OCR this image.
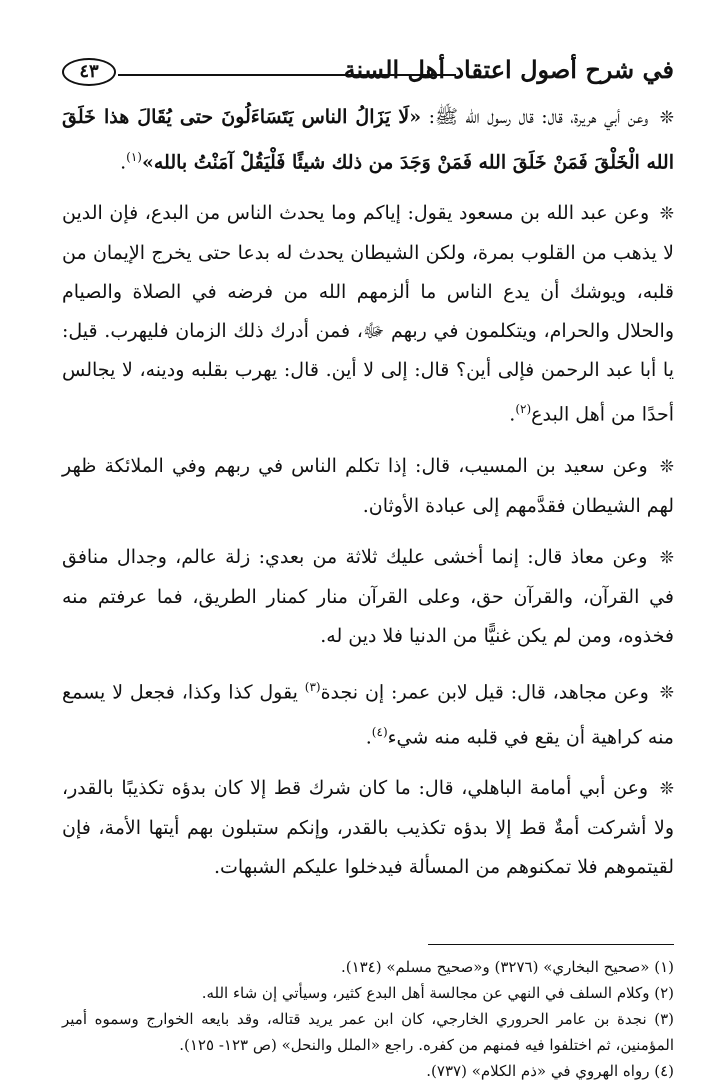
في شرح أصول اعتقاد أهل السنة
٤٣

❊ وعن أبي هريرة، قال: قال رسول الله ﷺ: «لَا يَزَالُ الناس يَتَسَاءَلُونَ حتى يُقَالَ هذا خَلَقَ الله الْخَلْقَ فَمَنْ خَلَقَ الله فَمَنْ وَجَدَ من ذلك شيئًا فَلْيَقُلْ آمَنْتُ بالله»$^{(١)}$.

❊ وعن عبد الله بن مسعود يقول: إياكم وما يحدث الناس من البدع، فإن الدين لا يذهب من القلوب بمرة، ولكن الشيطان يحدث له بدعا حتى يخرج الإيمان من قلبه، ويوشك أن يدع الناس ما ألزمهم الله من فرضه في الصلاة والصيام والحلال والحرام، ويتكلمون في ربهم ﷻ، فمن أدرك ذلك الزمان فليهرب. قيل: يا أبا عبد الرحمن فإلى أين؟ قال: إلى لا أين. قال: يهرب بقلبه ودينه، لا يجالس أحدًا من أهل البدع$^{(٢)}$.

❊ وعن سعيد بن المسيب، قال: إذا تكلم الناس في ربهم وفي الملائكة ظهر لهم الشيطان فقدَّمهم إلى عبادة الأوثان.

❊ وعن معاذ قال: إنما أخشى عليك ثلاثة من بعدي: زلة عالم، وجدال منافق في القرآن، والقرآن حق، وعلى القرآن منار كمنار الطريق، فما عرفتم منه فخذوه، ومن لم يكن غنيًّا من الدنيا فلا دين له.

❊ وعن مجاهد، قال: قيل لابن عمر: إن نجدة$^{(٣)}$ يقول كذا وكذا، فجعل لا يسمع منه كراهية أن يقع في قلبه منه شيء$^{(٤)}$.

❊ وعن أبي أمامة الباهلي، قال: ما كان شرك قط إلا كان بدؤه تكذيبًا بالقدر، ولا أشركت أمةٌ قط إلا بدؤه تكذيب بالقدر، وإنكم ستبلون بهم أيتها الأمة، فإن لقيتموهم فلا تمكنوهم من المسألة فيدخلوا عليكم الشبهات.

(١) «صحيح البخاري» (٣٢٧٦) و«صحيح مسلم» (١٣٤).

(٢) وكلام السلف في النهي عن مجالسة أهل البدع كثير، وسيأتي إن شاء الله.

(٣) نجدة بن عامر الحروري الخارجي، كان ابن عمر يريد قتاله، وقد بايعه الخوارج وسموه أمير المؤمنين، ثم اختلفوا فيه فمنهم من كفره. راجع «الملل والنحل» (ص ١٢٣- ١٢٥).

(٤) رواه الهروي في «ذم الكلام» (٧٣٧).
